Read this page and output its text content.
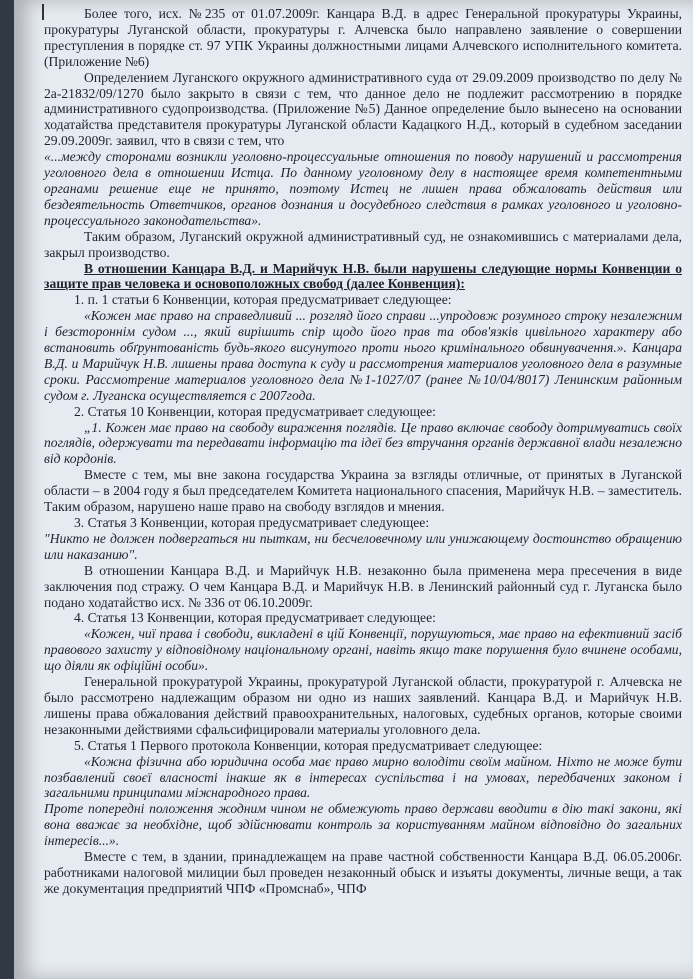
Более того, исх. №235 от 01.07.2009г. Канцара В.Д. в адрес Генеральной прокуратуры Украины, прокуратуры Луганской области, прокуратуры г. Алчевска было направлено заявление о совершении преступления в порядке ст. 97 УПК Украины должностными лицами Алчевского исполнительного комитета. (Приложение №6)

Определением Луганского окружного административного суда от 29.09.2009 производство по делу № 2а-21832/09/1270 было закрыто в связи с тем, что данное дело не подлежит рассмотрению в порядке административного судопроизводства. (Приложение №5) Данное определение было вынесено на основании ходатайства представителя прокуратуры Луганской области Кадацкого Н.Д., который в судебном заседании 29.09.2009г. заявил, что в связи с тем, что

«...между сторонами возникли уголовно-процессуальные отношения по поводу нарушений и рассмотрения уголовного дела в отношении Истца. По данному уголовному делу в настоящее время компетентными органами решение еще не принято, поэтому Истец не лишен права обжаловать действия или бездеятельность Ответчиков, органов дознания и досудебного следствия в рамках уголовного и уголовно-процессуального законодательства».

Таким образом, Луганский окружной административный суд, не ознакомившись с материалами дела, закрыл производство.

В отношении Канцара В.Д. и Марийчук Н.В. были нарушены следующие нормы Конвенции о защите прав человека и основоположных свобод (далее Конвенция):

1. п. 1 статьи 6 Конвенции, которая предусматривает следующее:

«Кожен має право на справедливий ... розгляд його справи ...упродовж розумного строку незалежним і безстороннім судом ..., який вирішить спір щодо його прав та обов'язків цивільного характеру або встановить обґрунтованість будь-якого висунутого проти нього кримінального обвинувачення.». Канцара В.Д. и Марийчук Н.В. лишены права доступа к суду и рассмотрения материалов уголовного дела в разумные сроки. Рассмотрение материалов уголовного дела №1-1027/07 (ранее №10/04/8017) Ленинским районным судом г. Луганска осуществляется с 2007года.

2. Статья 10 Конвенции, которая предусматривает следующее:

„1. Кожен має право на свободу вираження поглядів. Це право включає свободу дотримуватись своїх поглядів, одержувати та передавати інформацію та ідеї без втручання органів державної влади незалежно від кордонів.

Вместе с тем, мы вне закона государства Украина за взгляды отличные, от принятых в Луганской области – в 2004 году я был председателем Комитета национального спасения, Марийчук Н.В. – заместитель. Таким образом, нарушено наше право на свободу взглядов и мнения.

3. Статья 3 Конвенции, которая предусматривает следующее:

"Никто не должен подвергаться ни пыткам, ни бесчеловечному или унижающему достоинство обращению или наказанию".

В отношении Канцара В.Д. и Марийчук Н.В. незаконно была применена мера пресечения в виде заключения под стражу. О чем Канцара В.Д. и Марийчук Н.В. в Ленинский районный суд г. Луганска было подано ходатайство исх. № 336 от 06.10.2009г.

4. Статья 13 Конвенции, которая предусматривает следующее:

«Кожен, чиї права і свободи, викладені в цій Конвенції, порушуються, має право на ефективний засіб правового захисту у відповідному національному органі, навіть якщо таке порушення було вчинене особами, що діяли як офіційні особи».

Генеральной прокуратурой Украины, прокуратурой Луганской области, прокуратурой г. Алчевска не было рассмотрено надлежащим образом ни одно из наших заявлений. Канцара В.Д. и Марийчук Н.В. лишены права обжалования действий правоохранительных, налоговых, судебных органов, которые своими незаконными действиями сфальсифицировали материалы уголовного дела.

5. Статья 1 Первого протокола Конвенции, которая предусматривает следующее:

«Кожна фізична або юридична особа має право мирно володіти своїм майном. Ніхто не може бути позбавлений своєї власності інакше як в інтересах суспільства і на умовах, передбачених законом і загальними принципами міжнародного права.

Проте попередні положення жодним чином не обмежують право держави вводити в дію такі закони, які вона вважає за необхідне, щоб здійснювати контроль за користуванням майном відповідно до загальних інтересів...».

Вместе с тем, в здании, принадлежащем на праве частной собственности Канцара В.Д. 06.05.2006г. работниками налоговой милиции был проведен незаконный обыск и изъяты документы, личные вещи, а так же документация предприятий ЧПФ «Промснаб», ЧПФ
